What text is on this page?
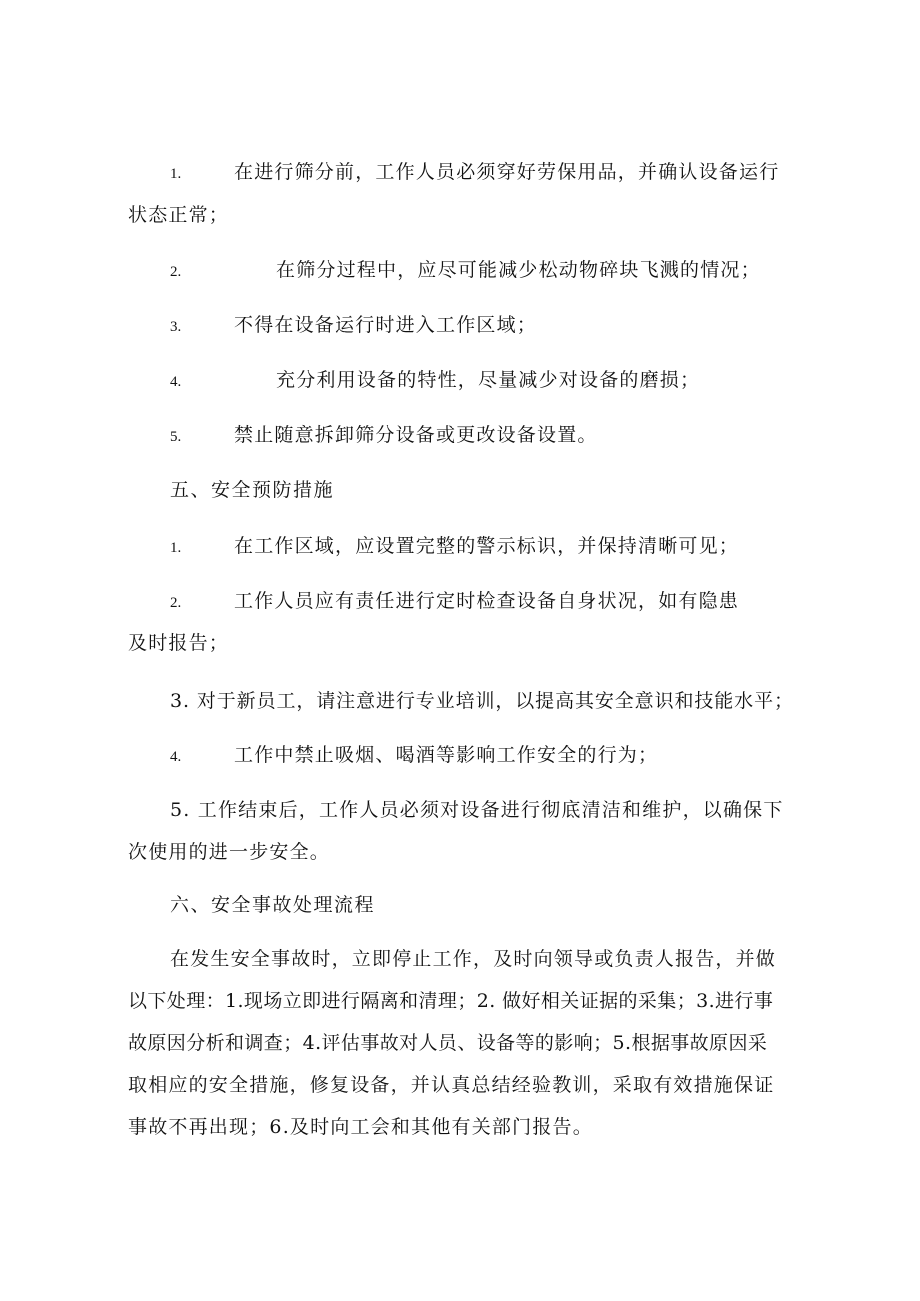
1.	在进行筛分前，工作人员必须穿好劳保用品，并确认设备运行
状态正常；
2.	在筛分过程中，应尽可能减少松动物碎块飞溅的情况；
3.	不得在设备运行时进入工作区域；
4.	充分利用设备的特性，尽量减少对设备的磨损；
5.	禁止随意拆卸筛分设备或更改设备设置。
五、安全预防措施
1.	在工作区域，应设置完整的警示标识，并保持清晰可见；
2.	工作人员应有责任进行定时检查设备自身状况，如有隐患
及时报告；
3. 对于新员工，请注意进行专业培训，以提高其安全意识和技能水平；
4.	工作中禁止吸烟、喝酒等影响工作安全的行为；
5. 工作结束后，工作人员必须对设备进行彻底清洁和维护，以确保下
次使用的进一步安全。
六、安全事故处理流程
在发生安全事故时，立即停止工作，及时向领导或负责人报告，并做
以下处理：1.现场立即进行隔离和清理；2. 做好相关证据的采集；3.进行事
故原因分析和调查；4.评估事故对人员、设备等的影响；5.根据事故原因采
取相应的安全措施，修复设备，并认真总结经验教训，采取有效措施保证
事故不再出现；6.及时向工会和其他有关部门报告。
